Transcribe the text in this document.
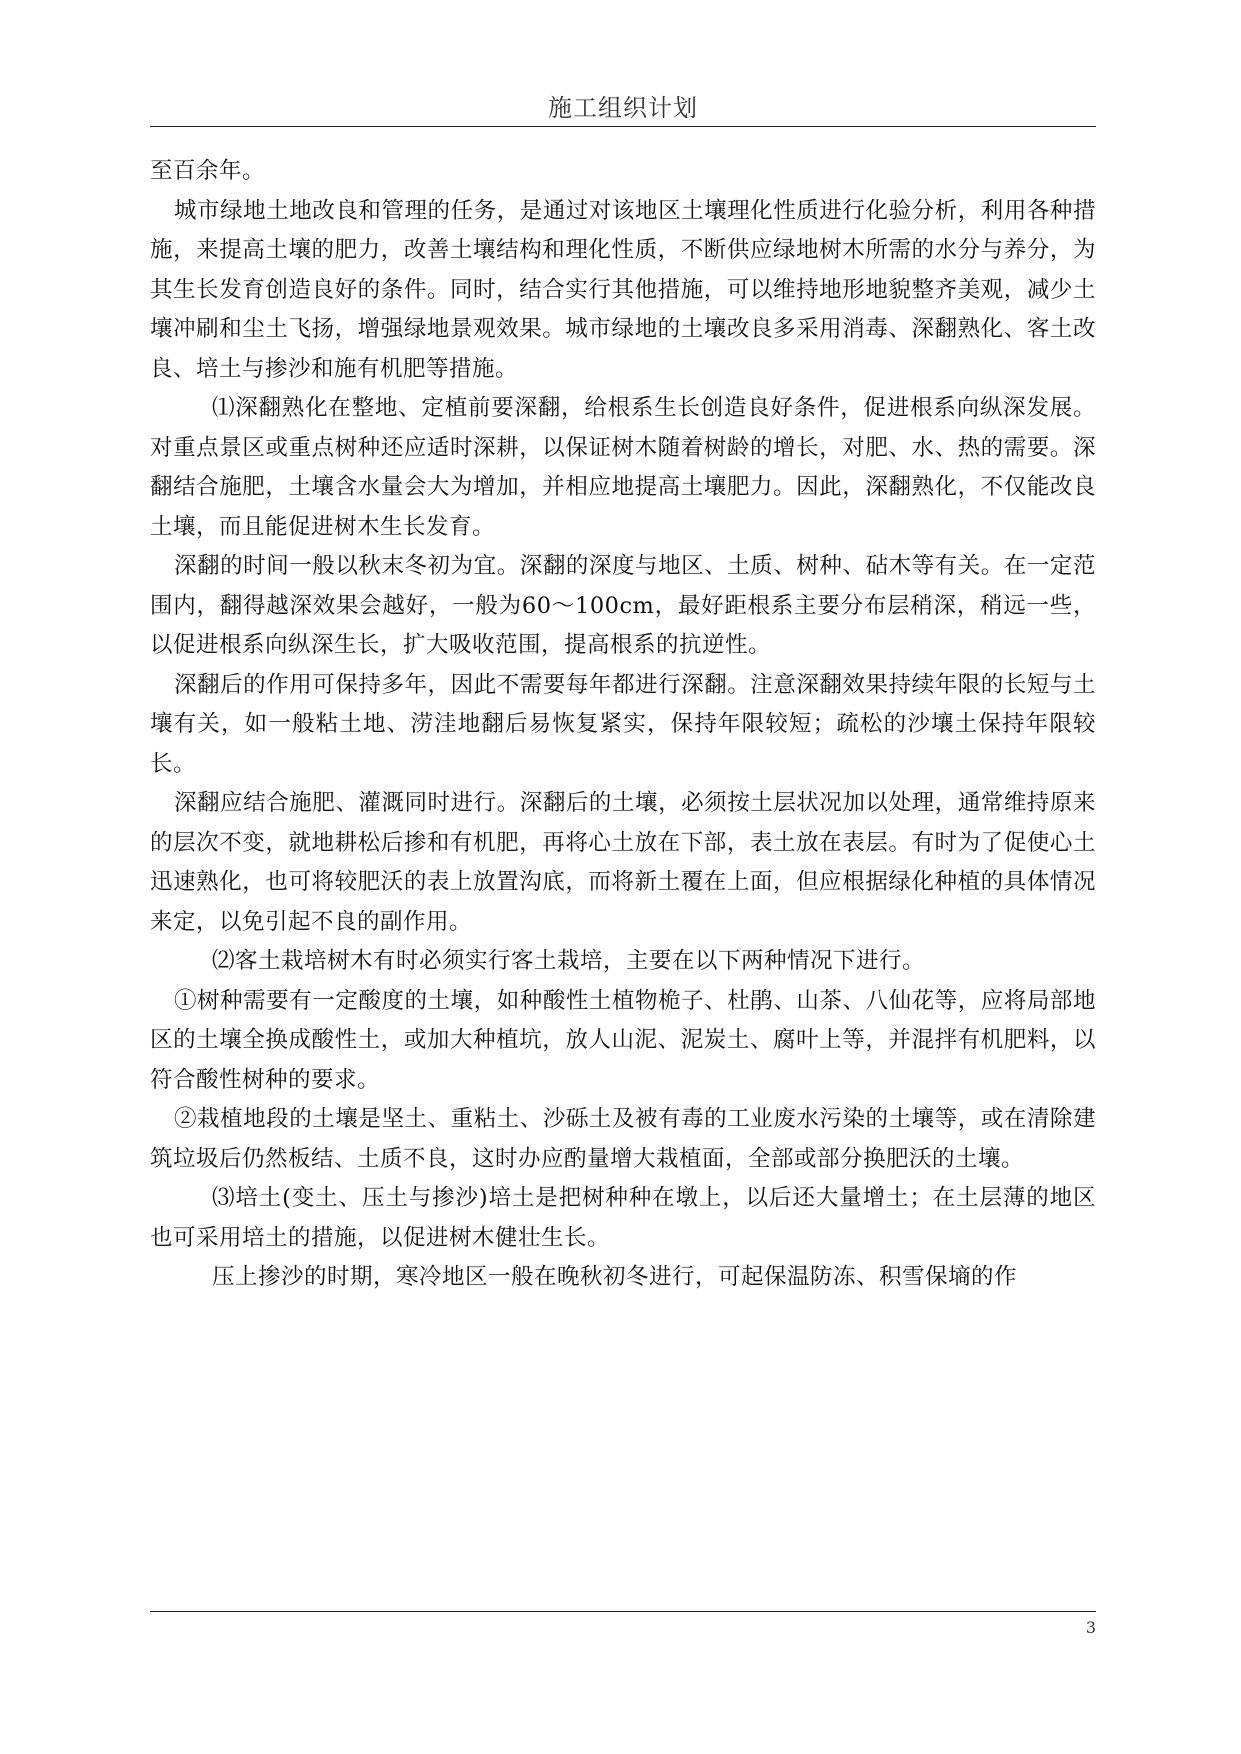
施工组织计划

至百余年。

城市绿地土地改良和管理的任务，是通过对该地区土壤理化性质进行化验分析，利用各种措施，来提高土壤的肥力，改善土壤结构和理化性质，不断供应绿地树木所需的水分与养分，为其生长发育创造良好的条件。同时，结合实行其他措施，可以维持地形地貌整齐美观，减少土壤冲刷和尘土飞扬，增强绿地景观效果。城市绿地的土壤改良多采用消毒、深翻熟化、客土改良、培土与掺沙和施有机肥等措施。

⑴深翻熟化在整地、定植前要深翻，给根系生长创造良好条件，促进根系向纵深发展。对重点景区或重点树种还应适时深耕，以保证树木随着树龄的增长，对肥、水、热的需要。深翻结合施肥，土壤含水量会大为增加，并相应地提高土壤肥力。因此，深翻熟化，不仅能改良土壤，而且能促进树木生长发育。

深翻的时间一般以秋末冬初为宜。深翻的深度与地区、土质、树种、砧木等有关。在一定范围内，翻得越深效果会越好，一般为60～100cm，最好距根系主要分布层稍深，稍远一些，以促进根系向纵深生长，扩大吸收范围，提高根系的抗逆性。

深翻后的作用可保持多年，因此不需要每年都进行深翻。注意深翻效果持续年限的长短与土壤有关，如一般粘土地、涝洼地翻后易恢复紧实，保持年限较短；疏松的沙壤土保持年限较长。

深翻应结合施肥、灌溉同时进行。深翻后的土壤，必须按土层状况加以处理，通常维持原来的层次不变，就地耕松后掺和有机肥，再将心土放在下部，表土放在表层。有时为了促使心土迅速熟化，也可将较肥沃的表上放置沟底，而将新土覆在上面，但应根据绿化种植的具体情况来定，以免引起不良的副作用。

⑵客土栽培树木有时必须实行客土栽培，主要在以下两种情况下进行。

①树种需要有一定酸度的土壤，如种酸性土植物桅子、杜鹃、山茶、八仙花等，应将局部地区的土壤全换成酸性土，或加大种植坑，放人山泥、泥炭土、腐叶上等，并混拌有机肥料，以符合酸性树种的要求。

②栽植地段的土壤是坚土、重粘土、沙砾土及被有毒的工业废水污染的土壤等，或在清除建筑垃圾后仍然板结、土质不良，这时办应酌量增大栽植面，全部或部分换肥沃的土壤。

⑶培土(变土、压土与掺沙)培土是把树种种在墩上，以后还大量增土；在土层薄的地区也可采用培土的措施，以促进树木健壮生长。

压上掺沙的时期，寒冷地区一般在晚秋初冬进行，可起保温防冻、积雪保墒的作

3
